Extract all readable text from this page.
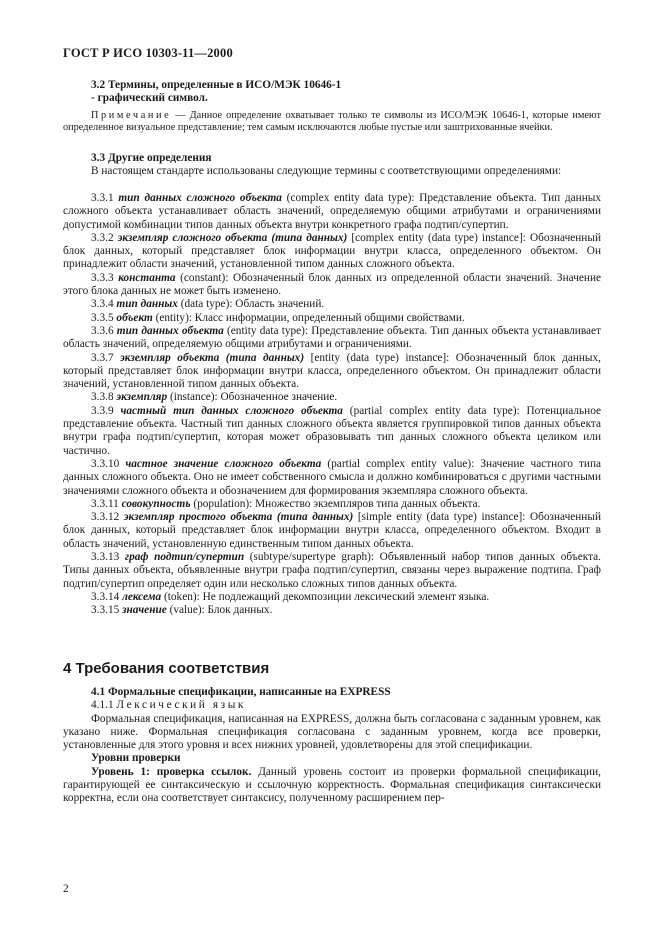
ГОСТ Р ИСО 10303-11—2000

3.2 Термины, определенные в ИСО/МЭК 10646-1

- графический символ.

Примечание — Данное определение охватывает только те символы из ИСО/МЭК 10646-1, которые имеют определенное визуальное представление; тем самым исключаются любые пустые или заштрихованные ячейки.

3.3 Другие определения

В настоящем стандарте использованы следующие термины с соответствующими определениями:

3.3.1 тип данных сложного объекта (complex entity data type): Представление объекта. Тип данных сложного объекта устанавливает область значений, определяемую общими атрибутами и ограничениями допустимой комбинации типов данных объекта внутри конкретного графа подтип/супертип.

3.3.2 экземпляр сложного объекта (типа данных) [complex entity (data type) instance]: Обозначенный блок данных, который представляет блок информации внутри класса, определенного объектом. Он принадлежит области значений, установленной типом данных сложного объекта.

3.3.3 константа (constant): Обозначенный блок данных из определенной области значений. Значение этого блока данных не может быть изменено.

3.3.4 тип данных (data type): Область значений.

3.3.5 объект (entity): Класс информации, определенный общими свойствами.

3.3.6 тип данных объекта (entity data type): Представление объекта. Тип данных объекта устанавливает область значений, определяемую общими атрибутами и ограничениями.

3.3.7 экземпляр объекта (типа данных) [entity (data type) instance]: Обозначенный блок данных, который представляет блок информации внутри класса, определенного объектом. Он принадлежит области значений, установленной типом данных объекта.

3.3.8 экземпляр (instance): Обозначенное значение.

3.3.9 частный тип данных сложного объекта (partial complex entity data type): Потенциальное представление объекта. Частный тип данных сложного объекта является группировкой типов данных объекта внутри графа подтип/супертип, которая может образовывать тип данных сложного объекта целиком или частично.

3.3.10 частное значение сложного объекта (partial complex entity value): Значение частного типа данных сложного объекта. Оно не имеет собственного смысла и должно комбинироваться с другими частными значениями сложного объекта и обозначением для формирования экземпляра сложного объекта.

3.3.11 совокупность (population): Множество экземпляров типа данных объекта.

3.3.12 экземпляр простого объекта (типа данных) [simple entity (data type) instance]: Обозначенный блок данных, который представляет блок информации внутри класса, определенного объектом. Входит в область значений, установленную единственным типом данных объекта.

3.3.13 граф подтип/супертип (subtype/supertype graph): Объявленный набор типов данных объекта. Типы данных объекта, объявленные внутри графа подтип/супертип, связаны через выражение подтипа. Граф подтип/супертип определяет один или несколько сложных типов данных объекта.

3.3.14 лексема (token): Не подлежащий декомпозиции лексический элемент языка.

3.3.15 значение (value): Блок данных.

4 Требования соответствия

4.1 Формальные спецификации, написанные на EXPRESS

4.1.1 Лексический язык

Формальная спецификация, написанная на EXPRESS, должна быть согласована с заданным уровнем, как указано ниже. Формальная спецификация согласована с заданным уровнем, когда все проверки, установленные для этого уровня и всех нижних уровней, удовлетворены для этой спецификации.

Уровни проверки

Уровень 1: проверка ссылок. Данный уровень состоит из проверки формальной спецификации, гарантирующей ее синтаксическую и ссылочную корректность. Формальная спецификация синтаксически корректна, если она соответствует синтаксису, полученному расширением пер-

2
